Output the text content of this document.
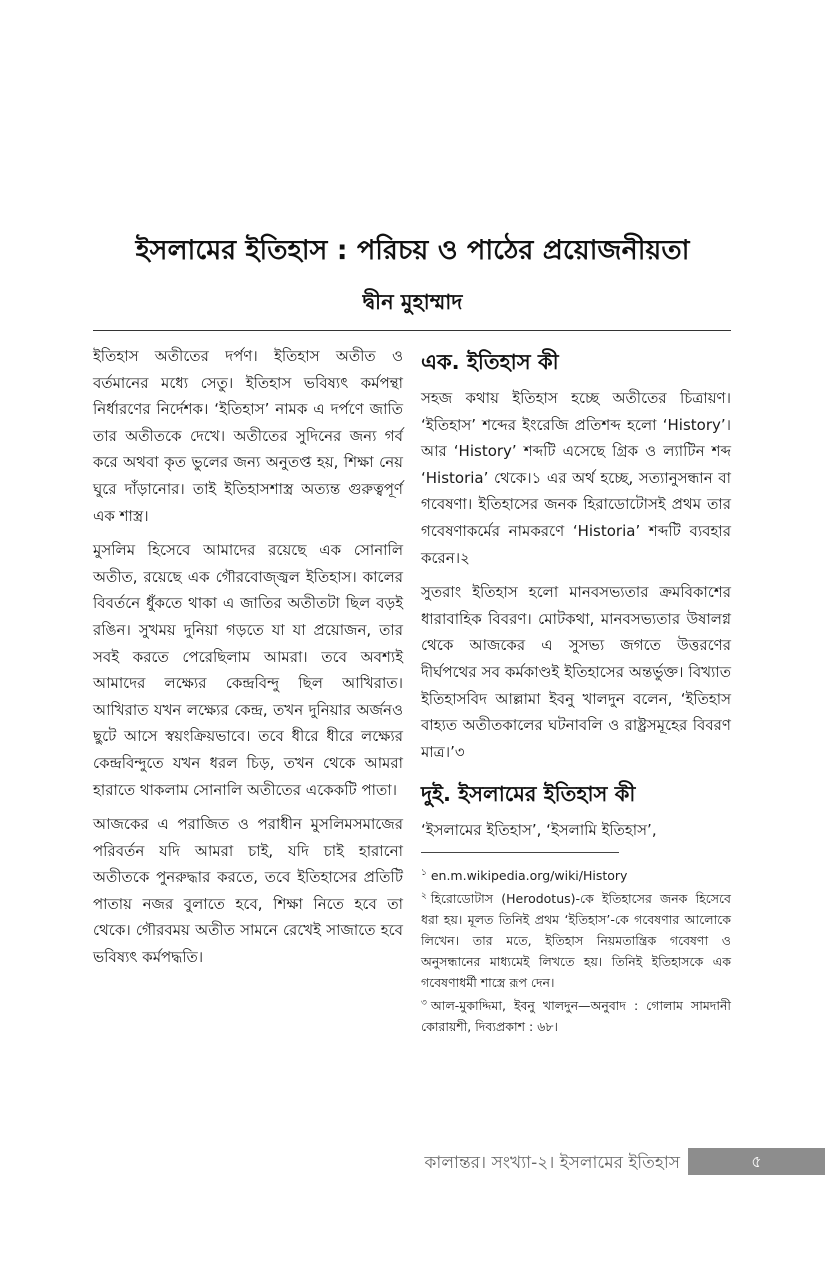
ইসলামের ইতিহাস : পরিচয় ও পাঠের প্রয়োজনীয়তা
দ্বীন মুহাম্মাদ

ইতিহাস অতীতের দর্পণ। ইতিহাস অতীত ও বর্তমানের মধ্যে সেতু। ইতিহাস ভবিষ্যৎ কর্মপন্থা নির্ধারণের নির্দেশক। ‘ইতিহাস’ নামক এ দর্পণে জাতি তার অতীতকে দেখে। অতীতের সুদিনের জন্য গর্ব করে অথবা কৃত ভুলের জন্য অনুতপ্ত হয়, শিক্ষা নেয় ঘুরে দাঁড়ানোর। তাই ইতিহাসশাস্ত্র অত্যন্ত গুরুত্বপূর্ণ এক শাস্ত্র।

মুসলিম হিসেবে আমাদের রয়েছে এক সোনালি অতীত, রয়েছে এক গৌরবোজ্জ্বল ইতিহাস। কালের বিবর্তনে ধুঁকতে থাকা এ জাতির অতীতটা ছিল বড়ই রঙিন। সুখময় দুনিয়া গড়তে যা যা প্রয়োজন, তার সবই করতে পেরেছিলাম আমরা। তবে অবশ্যই আমাদের লক্ষ্যের কেন্দ্রবিন্দু ছিল আখিরাত। আখিরাত যখন লক্ষ্যের কেন্দ্র, তখন দুনিয়ার অর্জনও ছুটে আসে স্বয়ংক্রিয়ভাবে। তবে ধীরে ধীরে লক্ষ্যের কেন্দ্রবিন্দুতে যখন ধরল চিড়, তখন থেকে আমরা হারাতে থাকলাম সোনালি অতীতের একেকটি পাতা।

আজকের এ পরাজিত ও পরাধীন মুসলিমসমাজের পরিবর্তন যদি আমরা চাই, যদি চাই হারানো অতীতকে পুনরুদ্ধার করতে, তবে ইতিহাসের প্রতিটি পাতায় নজর বুলাতে হবে, শিক্ষা নিতে হবে তা থেকে। গৌরবময় অতীত সামনে রেখেই সাজাতে হবে ভবিষ্যৎ কর্মপদ্ধতি।

এক. ইতিহাস কী

সহজ কথায় ইতিহাস হচ্ছে অতীতের চিত্রায়ণ। ‘ইতিহাস’ শব্দের ইংরেজি প্রতিশব্দ হলো ‘History’। আর ‘History’ শব্দটি এসেছে গ্রিক ও ল্যাটিন শব্দ ‘Historia’ থেকে।১ এর অর্থ হচ্ছে, সত্যানুসন্ধান বা গবেষণা। ইতিহাসের জনক হিরাডোটোসই প্রথম তার গবেষণাকর্মের নামকরণে ‘Historia’ শব্দটি ব্যবহার করেন।২

সুতরাং ইতিহাস হলো মানবসভ্যতার ক্রমবিকাশের ধারাবাহিক বিবরণ। মোটকথা, মানবসভ্যতার উষালগ্ন থেকে আজকের এ সুসভ্য জগতে উত্তরণের দীর্ঘপথের সব কর্মকাণ্ডই ইতিহাসের অন্তর্ভুক্ত। বিখ্যাত ইতিহাসবিদ আল্লামা ইবনু খালদুন বলেন, ‘ইতিহাস বাহ্যত অতীতকালের ঘটনাবলি ও রাষ্ট্রসমূহের বিবরণ মাত্র।’৩

দুই. ইসলামের ইতিহাস কী

‘ইসলামের ইতিহাস’, ‘ইসলামি ইতিহাস’,

$^১$ en.m.wikipedia.org/wiki/History
$^২$ হিরোডোটাস (Herodotus)-কে ইতিহাসের জনক হিসেবে ধরা হয়। মূলত তিনিই প্রথম ‘ইতিহাস’-কে গবেষণার আলোকে লিখেন। তার মতে, ইতিহাস নিয়মতান্ত্রিক গবেষণা ও অনুসন্ধানের মাধ্যমেই লিখতে হয়। তিনিই ইতিহাসকে এক গবেষণাধর্মী শাস্ত্রে রূপ দেন।
$^৩$ আল-মুকাদ্দিমা, ইবনু খালদুন—অনুবাদ : গোলাম সামদানী কোরায়শী, দিব্যপ্রকাশ : ৬৮।
কালান্তর। সংখ্যা-২। ইসলামের ইতিহাস	৫
